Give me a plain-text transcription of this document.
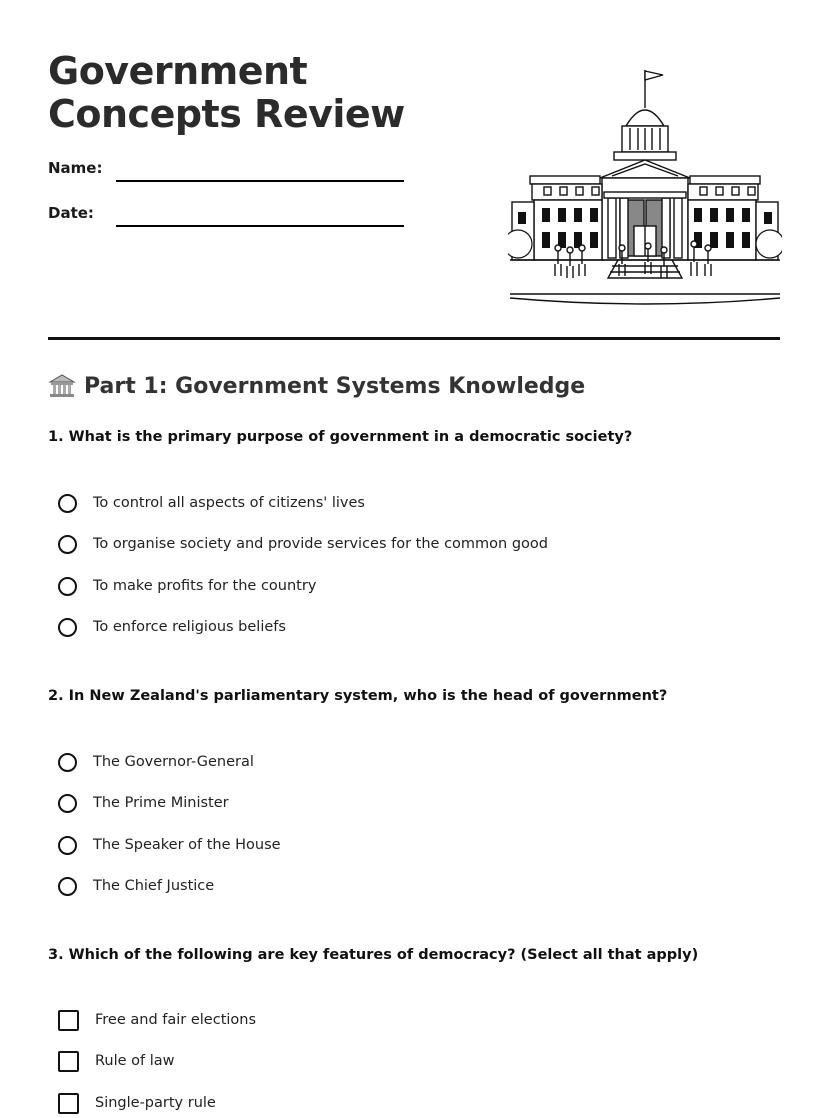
Government Concepts Review
Name:
Date:
Part 1: Government Systems Knowledge
1. What is the primary purpose of government in a democratic society?
To control all aspects of citizens' lives
To organise society and provide services for the common good
To make profits for the country
To enforce religious beliefs
2. In New Zealand's parliamentary system, who is the head of government?
The Governor-General
The Prime Minister
The Speaker of the House
The Chief Justice
3. Which of the following are key features of democracy? (Select all that apply)
Free and fair elections
Rule of law
Single-party rule
